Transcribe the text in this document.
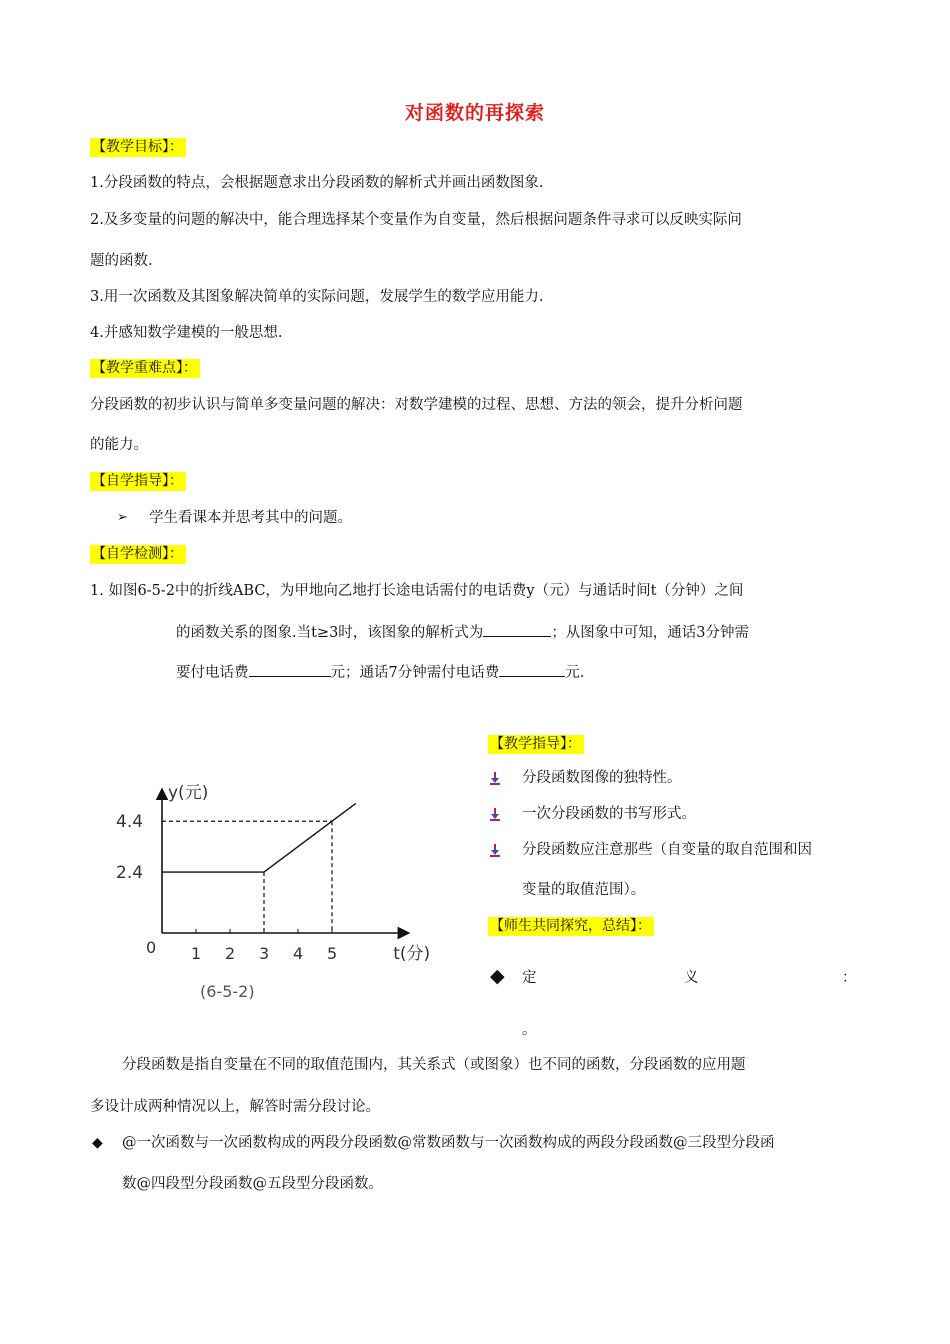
对函数的再探索
【教学目标】：
1.分段函数的特点，会根据题意求出分段函数的解析式并画出函数图象.
2.及多变量的问题的解决中，能合理选择某个变量作为自变量，然后根据问题条件寻求可以反映实际问
题的函数.
3.用一次函数及其图象解决简单的实际问题，发展学生的数学应用能力.
4.并感知数学建模的一般思想.
【教学重难点】：
分段函数的初步认识与简单多变量问题的解决：对数学建模的过程、思想、方法的领会，提升分析问题
的能力。
【自学指导】：
➢ 学生看课本并思考其中的问题。
【自学检测】：
1. 如图6-5-2中的折线ABC，为甲地向乙地打长途电话需付的电话费y（元）与通话时间t（分钟）之间
的函数关系的图象.当t≥3时，该图象的解析式为	；从图象中可知，通话3分钟需
要付电话费	元；通话7分钟需付电话费	元.
y(元)
t(分)
0 1 2 3 4 5
2.4
4.4
(6-5-2)
【教学指导】：
分段函数图像的独特性。
一次分段函数的书写形式。
分段函数应注意那些（自变量的取自范围和因
变量的取值范围）。
【师生共同探究，总结】：
◆ 定	义	：
。
分段函数是指自变量在不同的取值范围内，其关系式（或图象）也不同的函数，分段函数的应用题
多设计成两种情况以上，解答时需分段讨论。
◆ @一次函数与一次函数构成的两段分段函数@常数函数与一次函数构成的两段分段函数@三段型分段函
数@四段型分段函数@五段型分段函数。
